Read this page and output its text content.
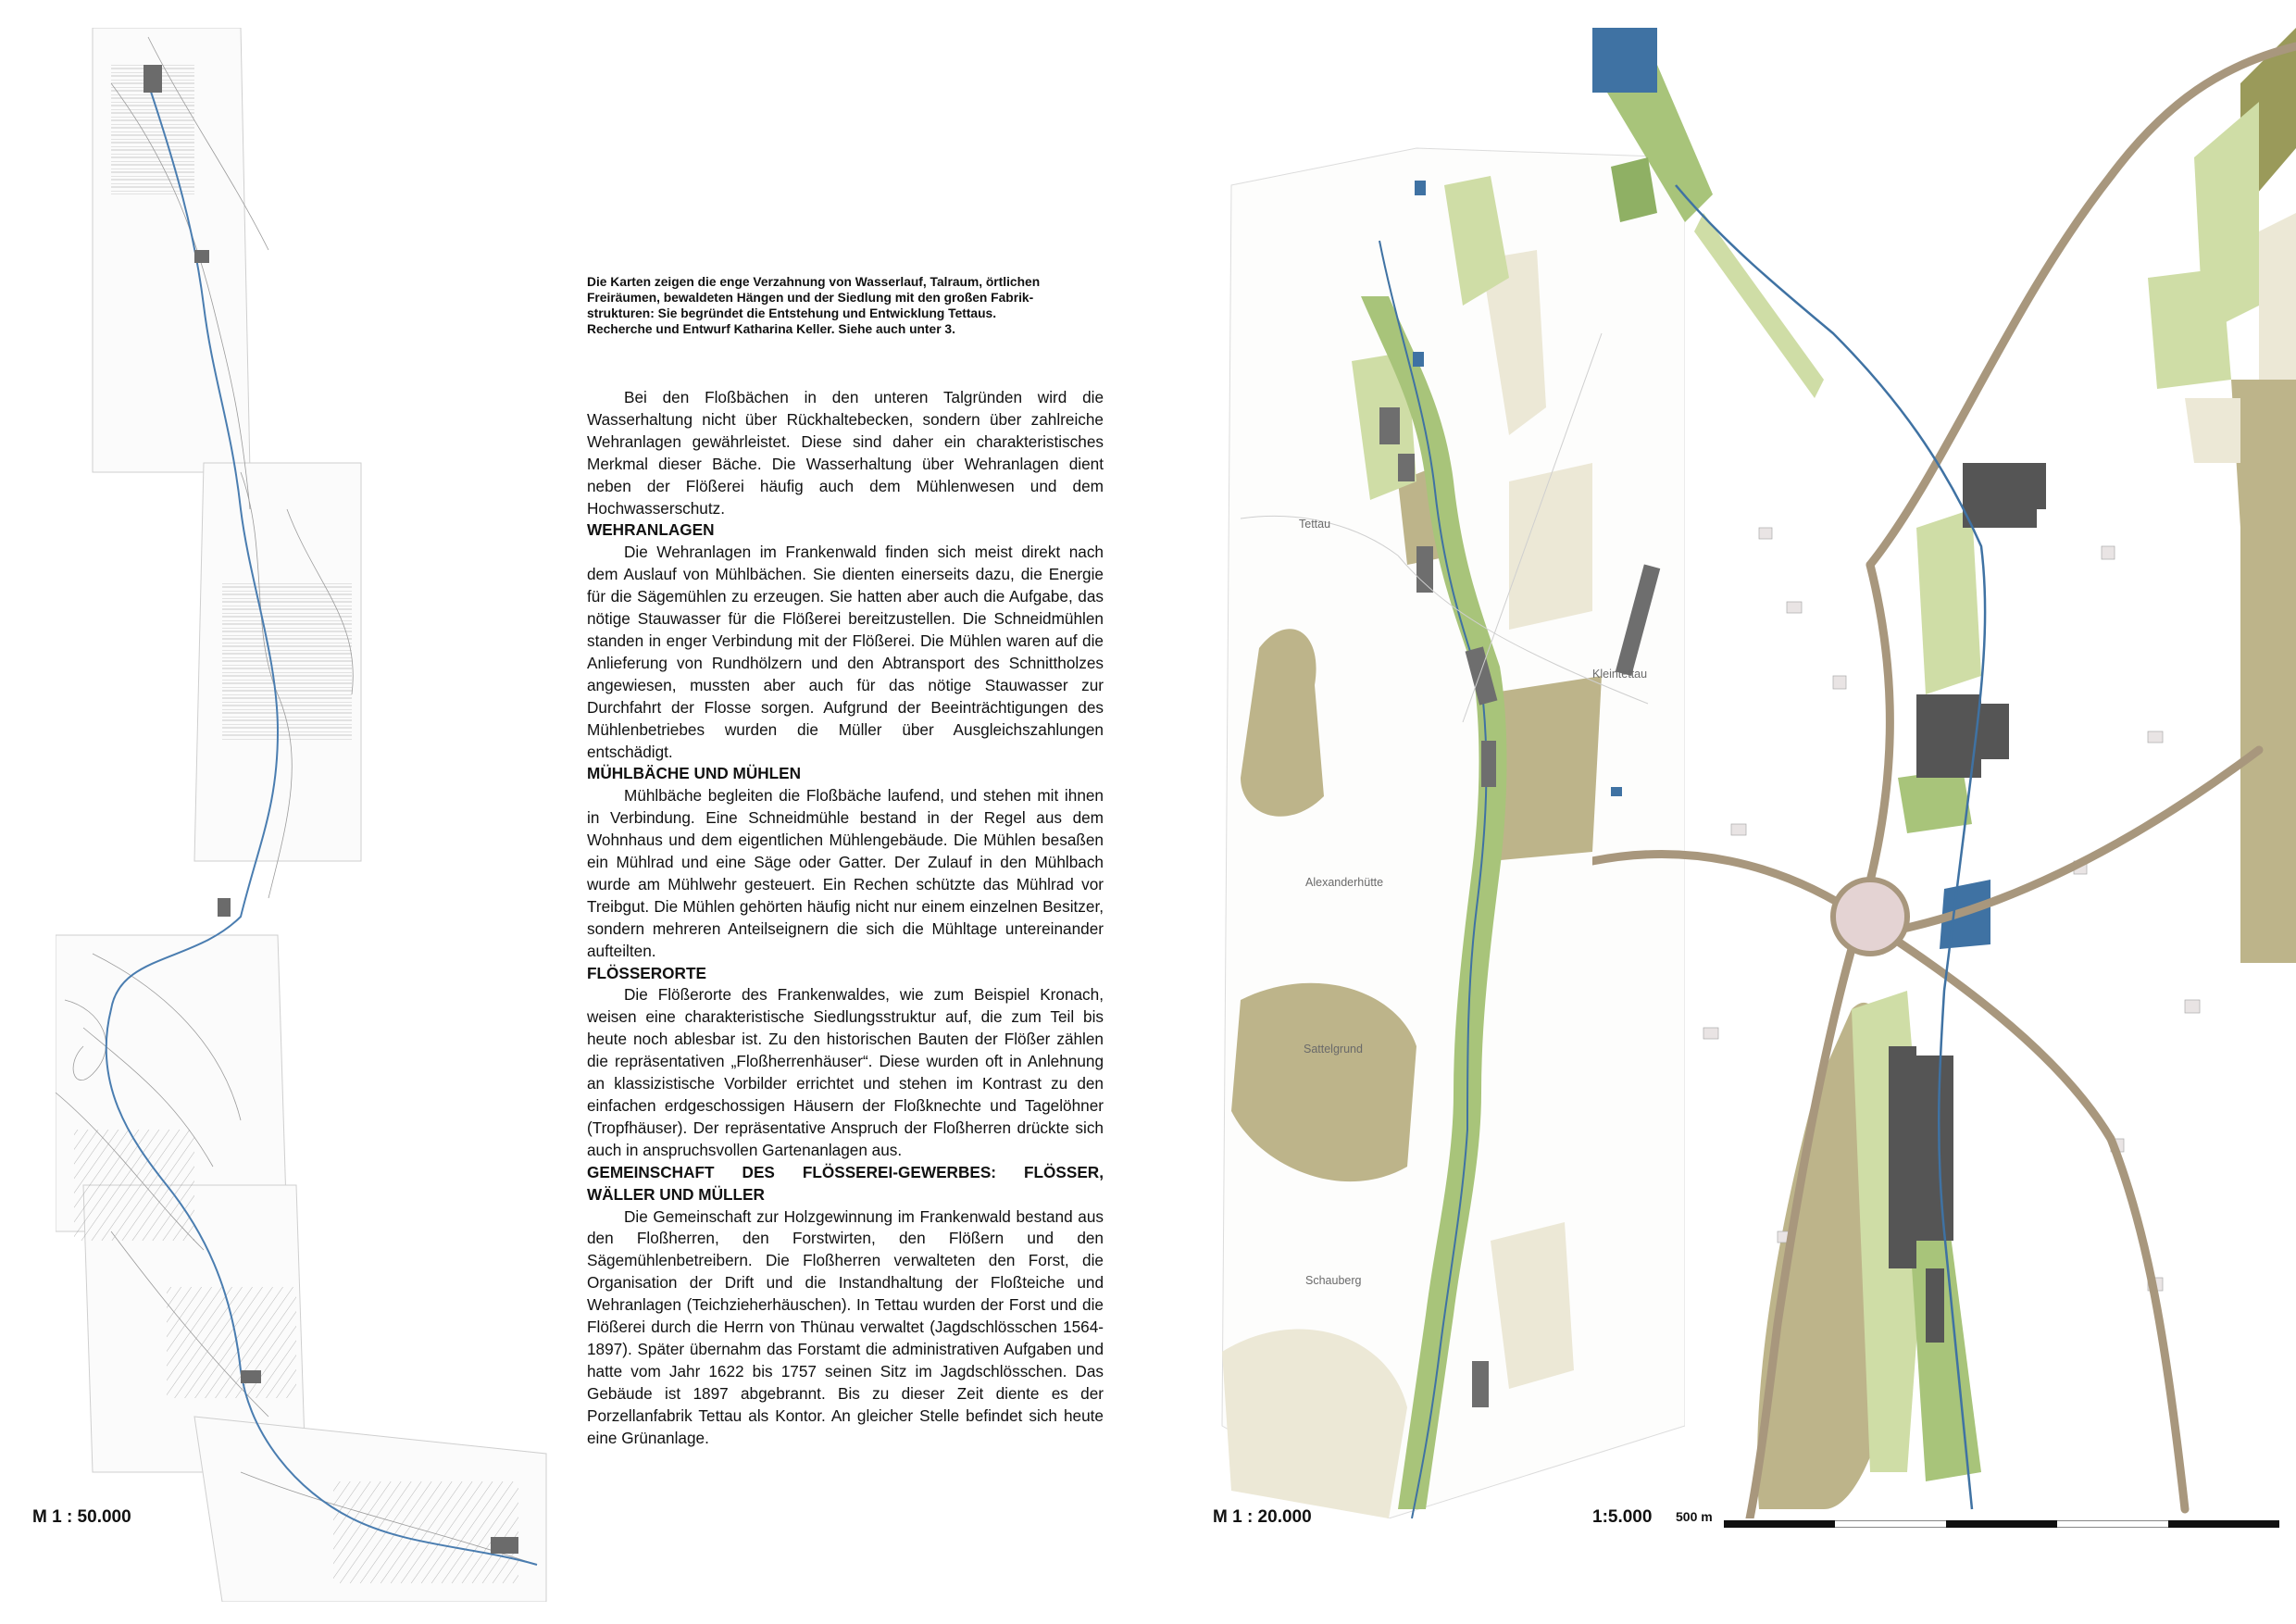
M 1 : 50.000
Die Karten zeigen die enge Verzahnung von Wasserlauf, Talraum, örtlichen
Freiräumen, bewaldeten Hängen und der Siedlung mit den großen Fabrik-
strukturen: Sie begründet die Entstehung und Entwicklung Tettaus.
Recherche und Entwurf Katharina Keller. Siehe auch unter 3.

Bei den Floßbächen in den unteren Talgründen wird die Wasserhaltung nicht über Rückhaltebecken, sondern über zahlreiche Wehranlagen gewährleistet. Diese sind daher ein charakteristisches Merkmal dieser Bäche. Die Wasserhaltung über Wehranlagen dient neben der Flößerei häufig auch dem Mühlenwesen und dem Hochwasserschutz.

WEHRANLAGEN

Die Wehranlagen im Frankenwald finden sich meist direkt nach dem Auslauf von Mühlbächen. Sie dienten einerseits dazu, die Energie für die Sägemühlen zu erzeugen. Sie hatten aber auch die Aufgabe, das nötige Stauwasser für die Flößerei bereitzustellen. Die Schneidmühlen standen in enger Verbindung mit der Flößerei. Die Mühlen waren auf die Anlieferung von Rundhölzern und den Abtransport des Schnittholzes angewiesen, mussten aber auch für das nötige Stauwasser zur Durchfahrt der Flosse sorgen. Aufgrund der Beeinträchtigungen des Mühlenbetriebes wurden die Müller über Ausgleichszahlungen entschädigt.

MÜHLBÄCHE UND MÜHLEN

Mühlbäche begleiten die Floßbäche laufend, und stehen mit ihnen in Verbindung. Eine Schneidmühle bestand in der Regel aus dem Wohnhaus und dem eigentlichen Mühlengebäude. Die Mühlen besaßen ein Mühlrad und eine Säge oder Gatter. Der Zulauf in den Mühlbach wurde am Mühlwehr gesteuert. Ein Rechen schützte das Mühlrad vor Treibgut. Die Mühlen gehörten häufig nicht nur einem einzelnen Besitzer, sondern mehreren Anteilseignern die sich die Mühltage untereinander aufteilten.

FLÖSSERORTE

Die Flößerorte des Frankenwaldes, wie zum Beispiel Kronach, weisen eine charakteristische Siedlungsstruktur auf, die zum Teil bis heute noch ablesbar ist. Zu den historischen Bauten der Flößer zählen die repräsentativen „Floßherrenhäuser“. Diese wurden oft in Anlehnung an klassizistische Vorbilder errichtet und stehen im Kontrast zu den einfachen erdgeschossigen Häusern der Floßknechte und Tagelöhner (Tropfhäuser). Der repräsentative Anspruch der Floßherren drückte sich auch in anspruchsvollen Gartenanlagen aus.

GEMEINSCHAFT DES FLÖSSEREI-GEWERBES: FLÖSSER, WÄLLER UND MÜLLER

Die Gemeinschaft zur Holzgewinnung im Frankenwald bestand aus den Floßherren, den Forstwirten, den Flößern und den Sägemühlenbetreibern. Die Floßherren verwalteten den Forst, die Organisation der Drift und die Instandhaltung der Floßteiche und Wehranlagen (Teichzieherhäuschen). In Tettau wurden der Forst und die Flößerei durch die Herrn von Thünau verwaltet (Jagdschlösschen 1564-1897). Später übernahm das Forstamt die administrativen Aufgaben und hatte vom Jahr 1622 bis 1757 seinen Sitz im Jagdschlösschen. Das Gebäude ist 1897 abgebrannt. Bis zu dieser Zeit diente es der Porzellanfabrik Tettau als Kontor. An gleicher Stelle befindet sich heute eine Grünanlage.

Tettau
Kleintettau
Alexanderhütte
Sattelgrund
Schauberg
M 1 : 20.000	1:5.000 500 m
